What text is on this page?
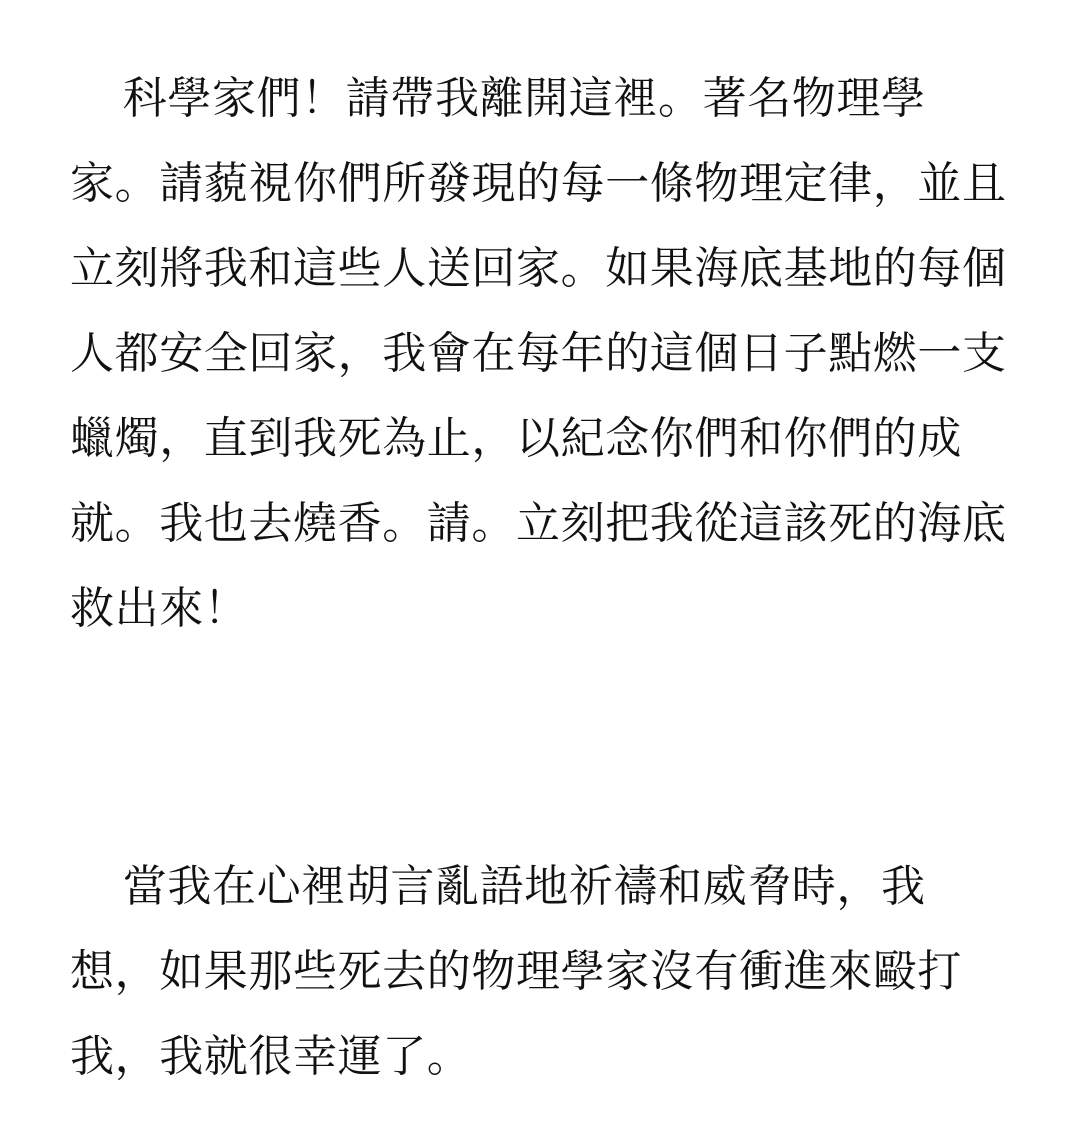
科學家們！請帶我離開這裡。著名物理學家。請藐視你們所發現的每一條物理定律，並且立刻將我和這些人送回家。如果海底基地的每個人都安全回家，我會在每年的這個日子點燃一支蠟燭，直到我死為止，以紀念你們和你們的成就。我也去燒香。請。立刻把我從這該死的海底救出來！

當我在心裡胡言亂語地祈禱和威脅時，我想，如果那些死去的物理學家沒有衝進來毆打我，我就很幸運了。
